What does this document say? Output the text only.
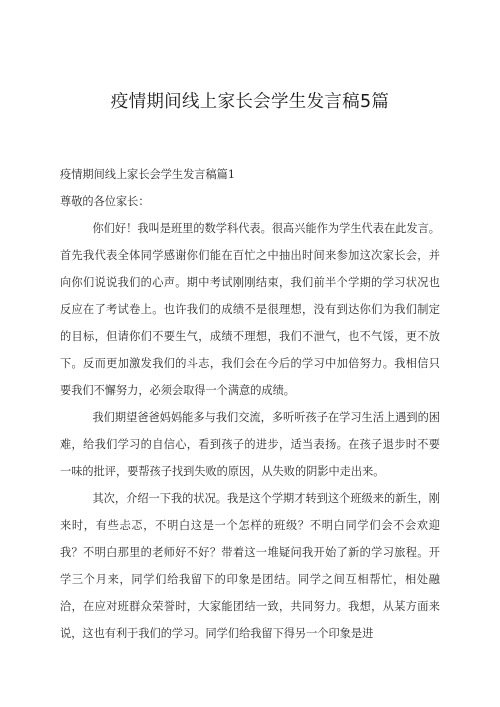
疫情期间线上家长会学生发言稿5篇

疫情期间线上家长会学生发言稿篇1

尊敬的各位家长：

你们好！我叫是班里的数学科代表。很高兴能作为学生代表在此发言。首先我代表全体同学感谢你们能在百忙之中抽出时间来参加这次家长会，并向你们说说我们的心声。期中考试刚刚结束，我们前半个学期的学习状况也反应在了考试卷上。也许我们的成绩不是很理想，没有到达你们为我们制定的目标，但请你们不要生气，成绩不理想，我们不泄气，也不气馁，更不放下。反而更加激发我们的斗志，我们会在今后的学习中加倍努力。我相信只要我们不懈努力，必须会取得一个满意的成绩。

我们期望爸爸妈妈能多与我们交流，多听听孩子在学习生活上遇到的困难，给我们学习的自信心，看到孩子的进步，适当表扬。在孩子退步时不要一味的批评，要帮孩子找到失败的原因，从失败的阴影中走出来。

其次，介绍一下我的状况。我是这个学期才转到这个班级来的新生，刚来时，有些忐忑，不明白这是一个怎样的班级？不明白同学们会不会欢迎我？不明白那里的老师好不好？带着这一堆疑问我开始了新的学习旅程。开学三个月来，同学们给我留下的印象是团结。同学之间互相帮忙，相处融洽，在应对班群众荣誉时，大家能团结一致，共同努力。我想，从某方面来说，这也有利于我们的学习。同学们给我留下得另一个印象是进
